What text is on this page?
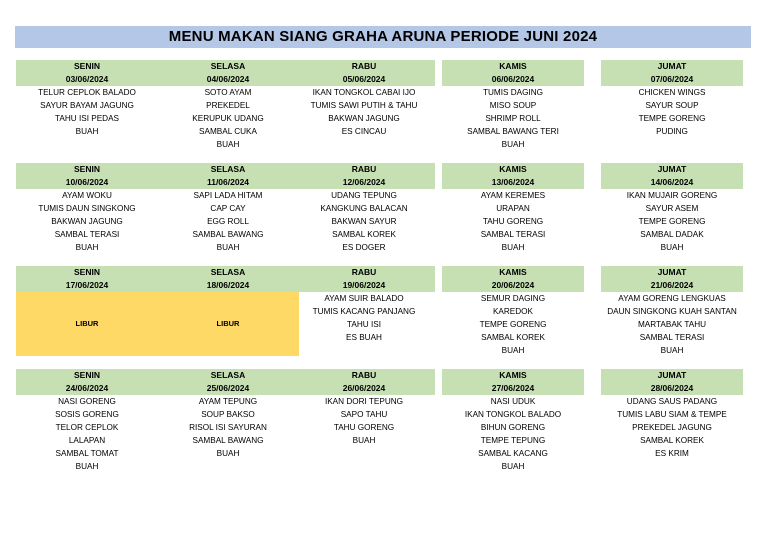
MENU MAKAN SIANG GRAHA ARUNA PERIODE JUNI 2024
SENIN
03/06/2024
TELUR CEPLOK BALADO
SAYUR BAYAM JAGUNG
TAHU ISI PEDAS
BUAH
SELASA
04/06/2024
SOTO AYAM
PREKEDEL
KERUPUK UDANG
SAMBAL CUKA
BUAH
RABU
05/06/2024
IKAN TONGKOL CABAI IJO
TUMIS SAWI PUTIH & TAHU
BAKWAN JAGUNG
ES CINCAU
KAMIS
06/06/2024
TUMIS DAGING
MISO SOUP
SHRIMP ROLL
SAMBAL BAWANG TERI
BUAH
JUMAT
07/06/2024
CHICKEN WINGS
SAYUR SOUP
TEMPE GORENG
PUDING
SENIN
10/06/2024
AYAM WOKU
TUMIS DAUN SINGKONG
BAKWAN JAGUNG
SAMBAL TERASI
BUAH
SELASA
11/06/2024
SAPI LADA HITAM
CAP CAY
EGG ROLL
SAMBAL BAWANG
BUAH
RABU
12/06/2024
UDANG TEPUNG
KANGKUNG BALACAN
BAKWAN SAYUR
SAMBAL KOREK
ES DOGER
KAMIS
13/06/2024
AYAM KEREMES
URAPAN
TAHU GORENG
SAMBAL TERASI
BUAH
JUMAT
14/06/2024
IKAN MUJAIR GORENG
SAYUR ASEM
TEMPE GORENG
SAMBAL DADAK
BUAH
SENIN
17/06/2024
LIBUR
SELASA
18/06/2024
LIBUR
RABU
19/06/2024
AYAM SUIR BALADO
TUMIS KACANG PANJANG
TAHU ISI
ES BUAH
KAMIS
20/06/2024
SEMUR DAGING
KAREDOK
TEMPE GORENG
SAMBAL KOREK
BUAH
JUMAT
21/06/2024
AYAM GORENG LENGKUAS
DAUN SINGKONG KUAH SANTAN
MARTABAK TAHU
SAMBAL TERASI
BUAH
SENIN
24/06/2024
NASI GORENG
SOSIS GORENG
TELOR CEPLOK
LALAPAN
SAMBAL TOMAT
BUAH
SELASA
25/06/2024
AYAM TEPUNG
SOUP BAKSO
RISOL ISI SAYURAN
SAMBAL BAWANG
BUAH
RABU
26/06/2024
IKAN DORI TEPUNG
SAPO TAHU
TAHU GORENG
BUAH
KAMIS
27/06/2024
NASI UDUK
IKAN TONGKOL BALADO
BIHUN GORENG
TEMPE TEPUNG
SAMBAL KACANG
BUAH
JUMAT
28/06/2024
UDANG SAUS PADANG
TUMIS LABU SIAM & TEMPE
PREKEDEL JAGUNG
SAMBAL KOREK
ES KRIM
